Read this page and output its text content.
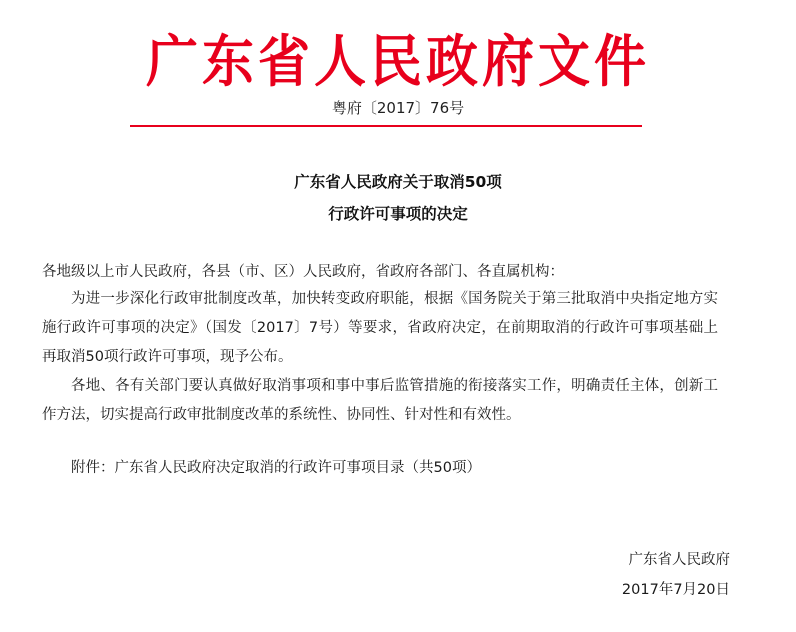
广东省人民政府文件
粤府〔2017〕76号
广东省人民政府关于取消50项
行政许可事项的决定
各地级以上市人民政府，各县（市、区）人民政府，省政府各部门、各直属机构：
为进一步深化行政审批制度改革，加快转变政府职能，根据《国务院关于第三批取消中央指定地方实施行政许可事项的决定》（国发〔2017〕7号）等要求，省政府决定，在前期取消的行政许可事项基础上再取消50项行政许可事项，现予公布。
各地、各有关部门要认真做好取消事项和事中事后监管措施的衔接落实工作，明确责任主体，创新工作方法，切实提高行政审批制度改革的系统性、协同性、针对性和有效性。
附件：广东省人民政府决定取消的行政许可事项目录（共50项）
广东省人民政府
2017年7月20日
